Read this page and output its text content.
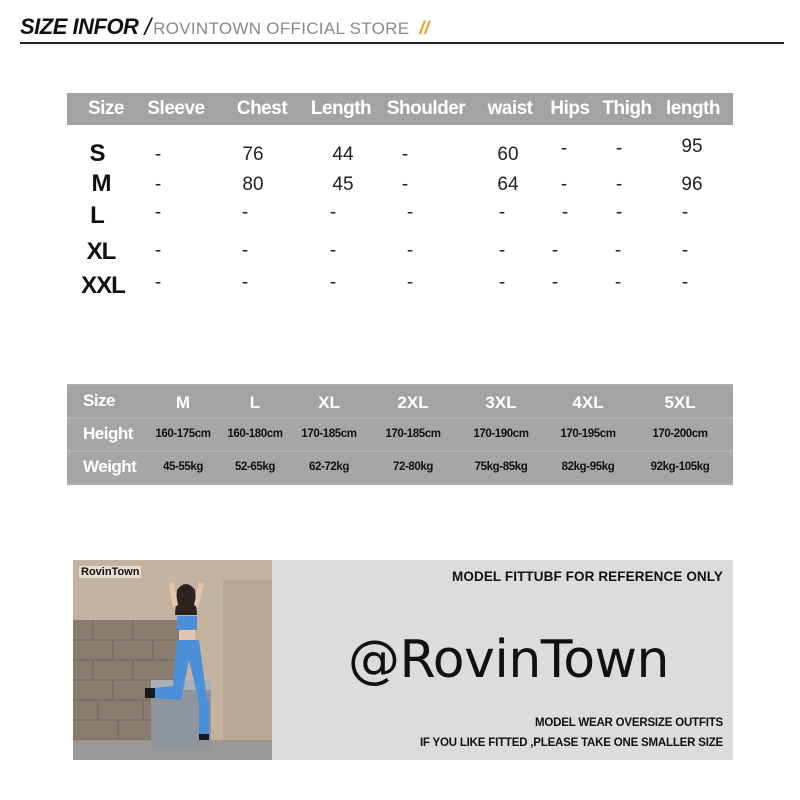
SIZE INFOR / ROVINTOWN OFFICIAL STORE //
Size Sleeve Chest Length Shoulder waist Hips Thigh length
S	-	76	44	-	60 -	-	95
M -	80	45	-	64 -	-	96
L	-	-	-	-	-	-	-	-
XL -	-	-	-	- -	-	-
XXL -	-	-	-	- -	-	-
Size	M	L	XL	2XL	3XL	4XL	5XL
Height 160-175cm 160-180cm 170-185cm	170-185cm	170-190cm	170-195cm	170-200cm
Weight 45-55kg	52-65kg	62-72kg	72-80kg	75kg-85kg	82kg-95kg	92kg-105kg
RovinTown	MODEL FITTUBF FOR REFERENCE ONLY
@RovinTown
MODEL WEAR OVERSIZE OUTFITS
IF YOU LIKE FITTED ,PLEASE TAKE ONE SMALLER SIZE
